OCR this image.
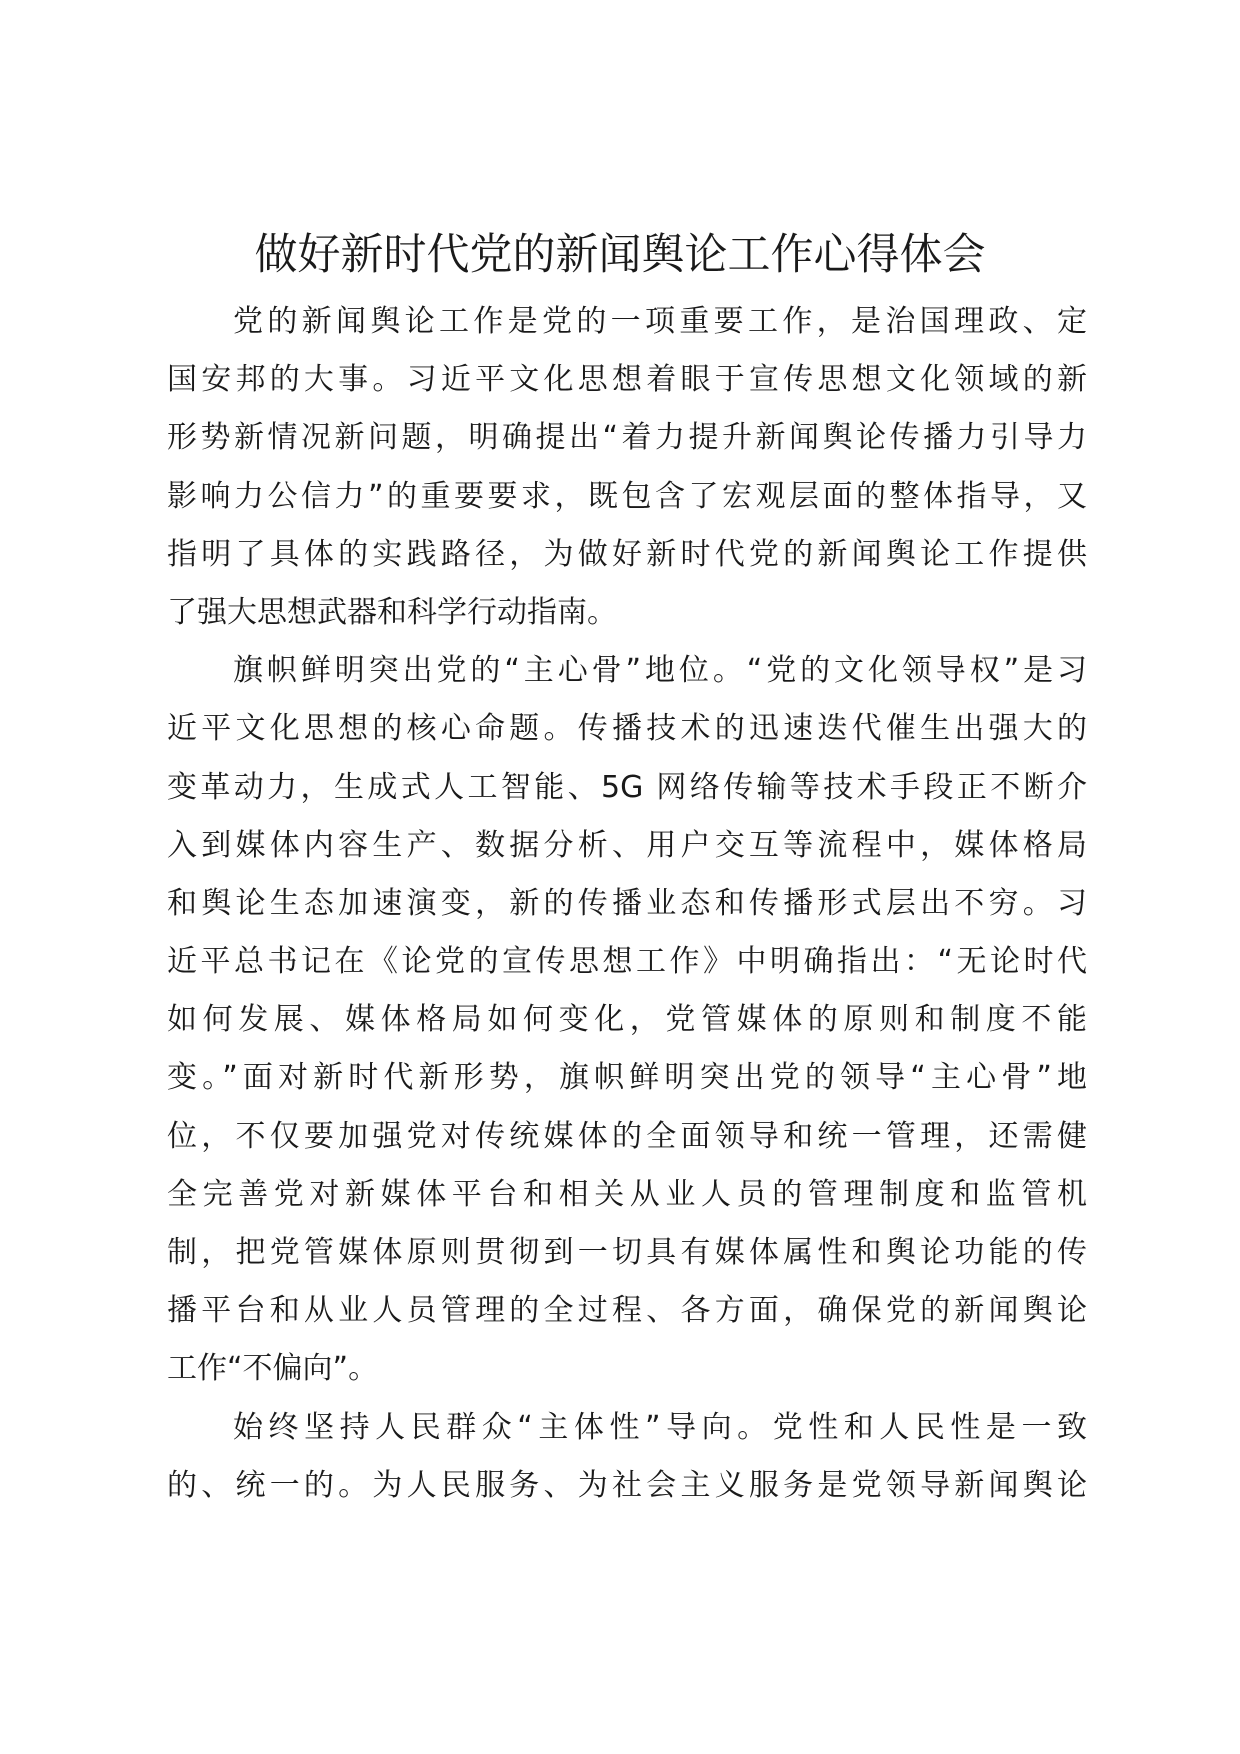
做好新时代党的新闻舆论工作心得体会
党的新闻舆论工作是党的一项重要工作，是治国理政、定
国安邦的大事。习近平文化思想着眼于宣传思想文化领域的新
形势新情况新问题，明确提出“着力提升新闻舆论传播力引导力
影响力公信力”的重要要求，既包含了宏观层面的整体指导，又
指明了具体的实践路径，为做好新时代党的新闻舆论工作提供
了强大思想武器和科学行动指南。
旗帜鲜明突出党的“主心骨”地位。“党的文化领导权”是习
近平文化思想的核心命题。传播技术的迅速迭代催生出强大的
变革动力，生成式人工智能、5G 网络传输等技术手段正不断介
入到媒体内容生产、数据分析、用户交互等流程中，媒体格局
和舆论生态加速演变，新的传播业态和传播形式层出不穷。习
近平总书记在《论党的宣传思想工作》中明确指出：“无论时代
如何发展、媒体格局如何变化，党管媒体的原则和制度不能
变。”面对新时代新形势，旗帜鲜明突出党的领导“主心骨”地
位，不仅要加强党对传统媒体的全面领导和统一管理，还需健
全完善党对新媒体平台和相关从业人员的管理制度和监管机
制，把党管媒体原则贯彻到一切具有媒体属性和舆论功能的传
播平台和从业人员管理的全过程、各方面，确保党的新闻舆论
工作“不偏向”。
始终坚持人民群众“主体性”导向。党性和人民性是一致
的、统一的。为人民服务、为社会主义服务是党领导新闻舆论
